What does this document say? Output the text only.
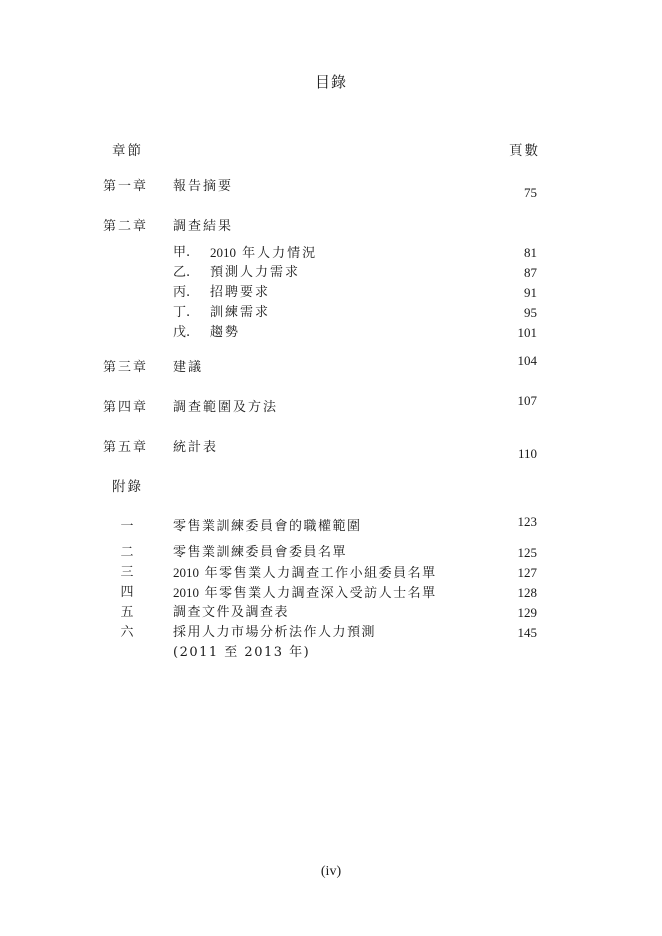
目錄
章節	頁數
第一章 報告摘要	75
第二章 調查結果
甲. 2010 年人力情況	81
乙. 預測人力需求	87
丙. 招聘要求	91
丁. 訓練需求	95
戊. 趨勢	101
第三章 建議	104
第四章 調查範圍及方法	107
第五章 統計表	110
附錄
一	零售業訓練委員會的職權範圍	123
二	零售業訓練委員會委員名單	125
三	2010 年零售業人力調查工作小組委員名單	127
四	2010 年零售業人力調查深入受訪人士名單	128
五	調查文件及調查表	129
六	採用人力市場分析法作人力預測	145
(2011 至 2013 年)
(iv)
